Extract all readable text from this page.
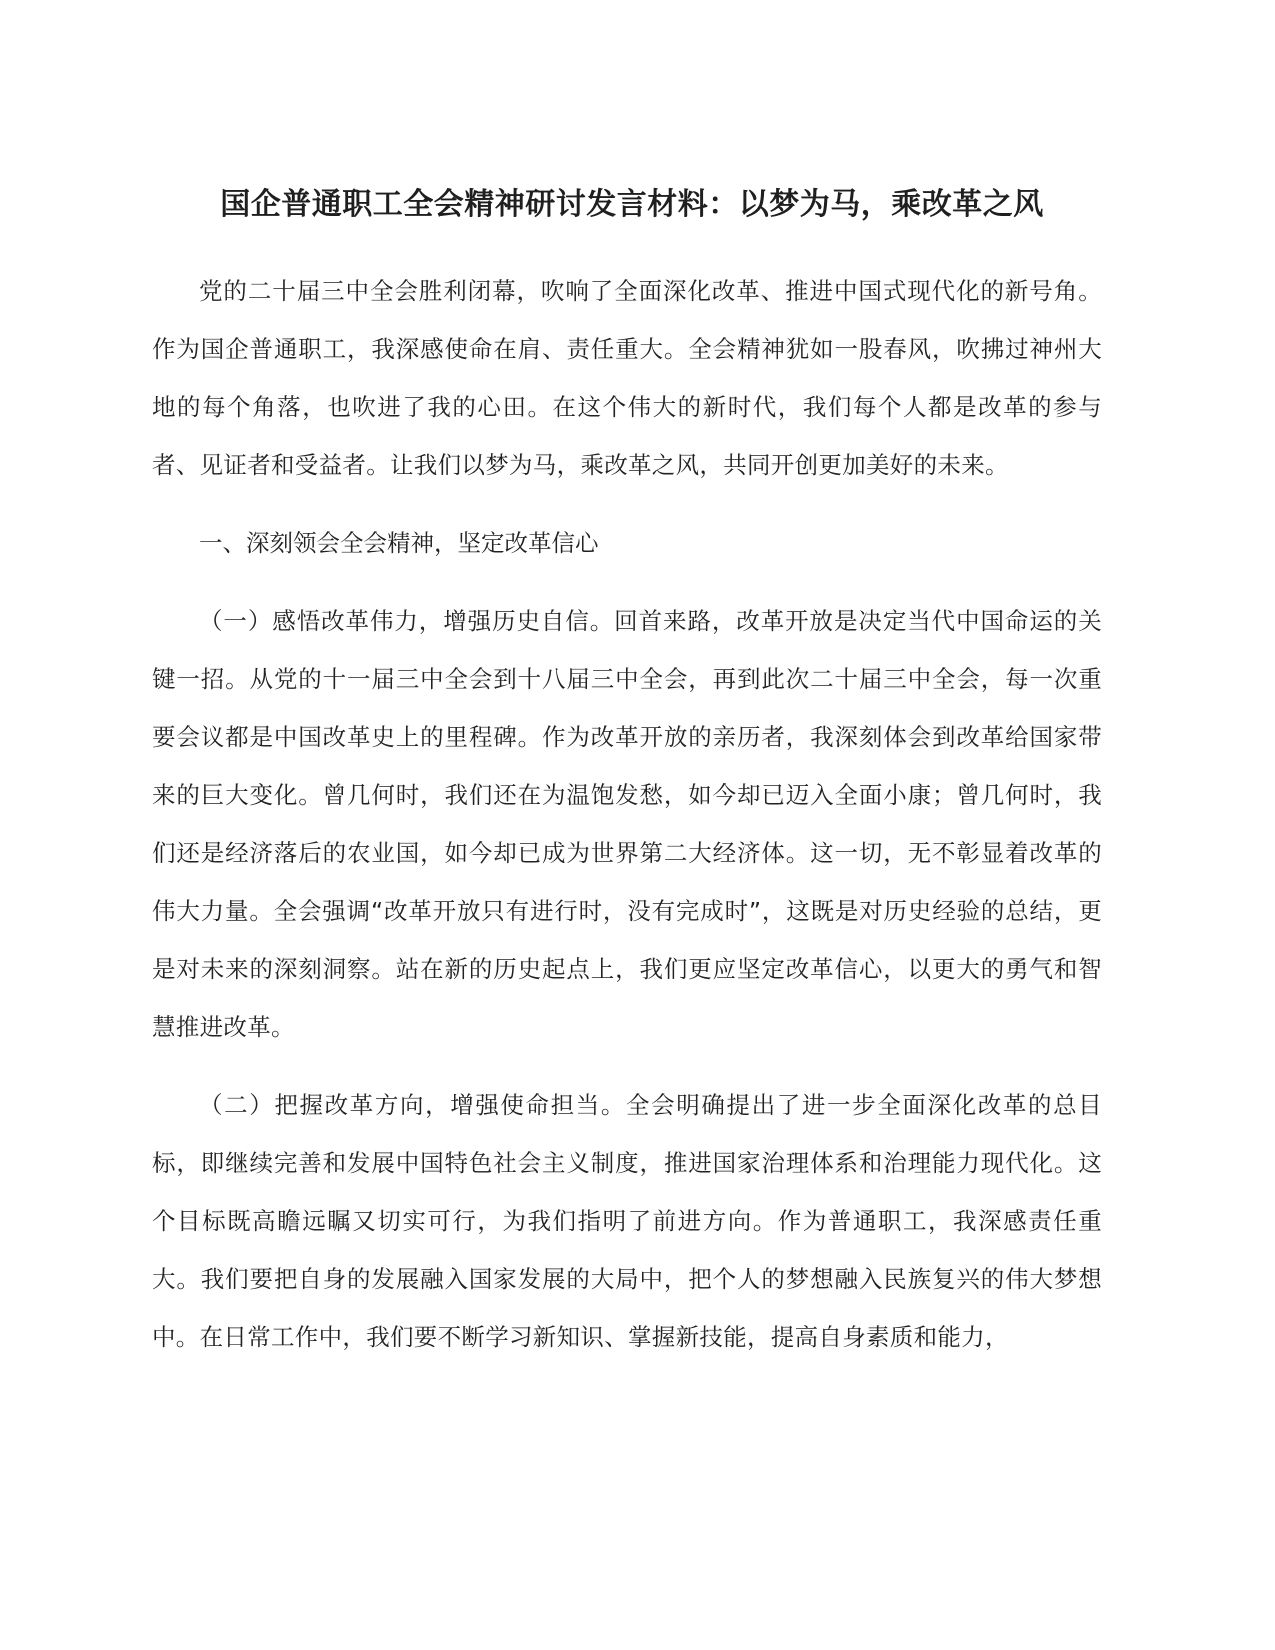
国企普通职工全会精神研讨发言材料：以梦为马，乘改革之风

党的二十届三中全会胜利闭幕，吹响了全面深化改革、推进中国式现代化的新号角。作为国企普通职工，我深感使命在肩、责任重大。全会精神犹如一股春风，吹拂过神州大地的每个角落，也吹进了我的心田。在这个伟大的新时代，我们每个人都是改革的参与者、见证者和受益者。让我们以梦为马，乘改革之风，共同开创更加美好的未来。

一、深刻领会全会精神，坚定改革信心

（一）感悟改革伟力，增强历史自信。回首来路，改革开放是决定当代中国命运的关键一招。从党的十一届三中全会到十八届三中全会，再到此次二十届三中全会，每一次重要会议都是中国改革史上的里程碑。作为改革开放的亲历者，我深刻体会到改革给国家带来的巨大变化。曾几何时，我们还在为温饱发愁，如今却已迈入全面小康；曾几何时，我们还是经济落后的农业国，如今却已成为世界第二大经济体。这一切，无不彰显着改革的伟大力量。全会强调“改革开放只有进行时，没有完成时”，这既是对历史经验的总结，更是对未来的深刻洞察。站在新的历史起点上，我们更应坚定改革信心，以更大的勇气和智慧推进改革。

（二）把握改革方向，增强使命担当。全会明确提出了进一步全面深化改革的总目标，即继续完善和发展中国特色社会主义制度，推进国家治理体系和治理能力现代化。这个目标既高瞻远瞩又切实可行，为我们指明了前进方向。作为普通职工，我深感责任重大。我们要把自身的发展融入国家发展的大局中，把个人的梦想融入民族复兴的伟大梦想中。在日常工作中，我们要不断学习新知识、掌握新技能，提高自身素质和能力，
